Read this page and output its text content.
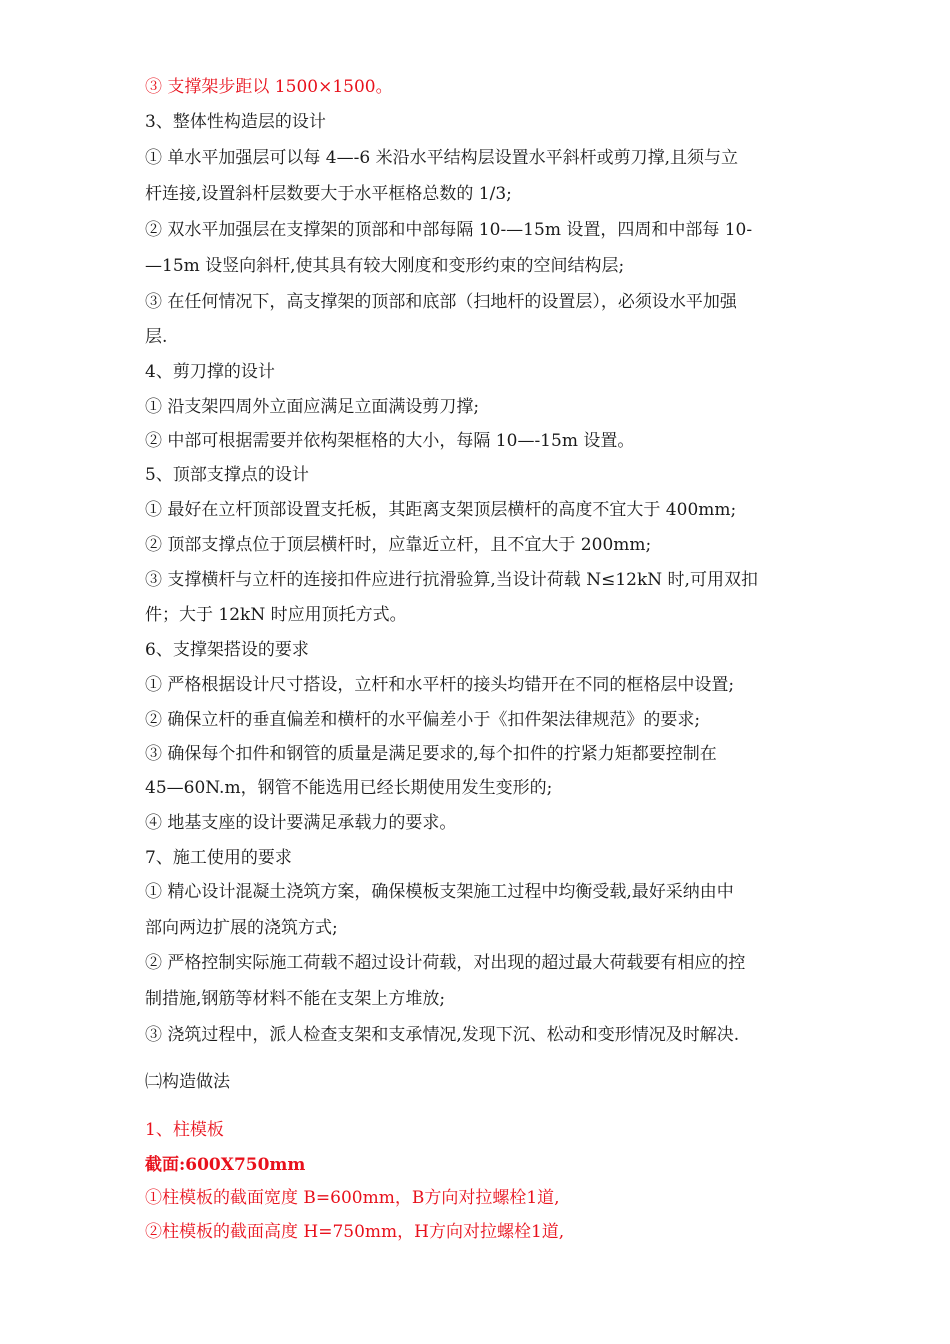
③ 支撑架步距以 1500×1500。
3、整体性构造层的设计
① 单水平加强层可以每 4—-6 米沿水平结构层设置水平斜杆或剪刀撑,且须与立
杆连接,设置斜杆层数要大于水平框格总数的 1/3;
② 双水平加强层在支撑架的顶部和中部每隔 10-—15m 设置，四周和中部每 10-
—15m 设竖向斜杆,使其具有较大刚度和变形约束的空间结构层;
③ 在任何情况下，高支撑架的顶部和底部（扫地杆的设置层），必须设水平加强
层.
4、剪刀撑的设计
① 沿支架四周外立面应满足立面满设剪刀撑;
② 中部可根据需要并依构架框格的大小，每隔 10—-15m 设置。
5、顶部支撑点的设计
① 最好在立杆顶部设置支托板，其距离支架顶层横杆的高度不宜大于 400mm;
② 顶部支撑点位于顶层横杆时，应靠近立杆，且不宜大于 200mm;
③ 支撑横杆与立杆的连接扣件应进行抗滑验算,当设计荷载 N≤12kN 时,可用双扣
件；大于 12kN 时应用顶托方式。
6、支撑架搭设的要求
① 严格根据设计尺寸搭设，立杆和水平杆的接头均错开在不同的框格层中设置;
② 确保立杆的垂直偏差和横杆的水平偏差小于《扣件架法律规范》的要求;
③ 确保每个扣件和钢管的质量是满足要求的,每个扣件的拧紧力矩都要控制在
45—60N.m，钢管不能选用已经长期使用发生变形的;
④ 地基支座的设计要满足承载力的要求。
7、施工使用的要求
① 精心设计混凝土浇筑方案，确保模板支架施工过程中均衡受载,最好采纳由中
部向两边扩展的浇筑方式;
② 严格控制实际施工荷载不超过设计荷载，对出现的超过最大荷载要有相应的控
制措施,钢筋等材料不能在支架上方堆放;
③ 浇筑过程中，派人检查支架和支承情况,发现下沉、松动和变形情况及时解决.
㈡构造做法
1、柱模板
截面:600X750mm
①柱模板的截面宽度 B=600mm，B方向对拉螺栓1道,
②柱模板的截面高度 H=750mm，H方向对拉螺栓1道,
